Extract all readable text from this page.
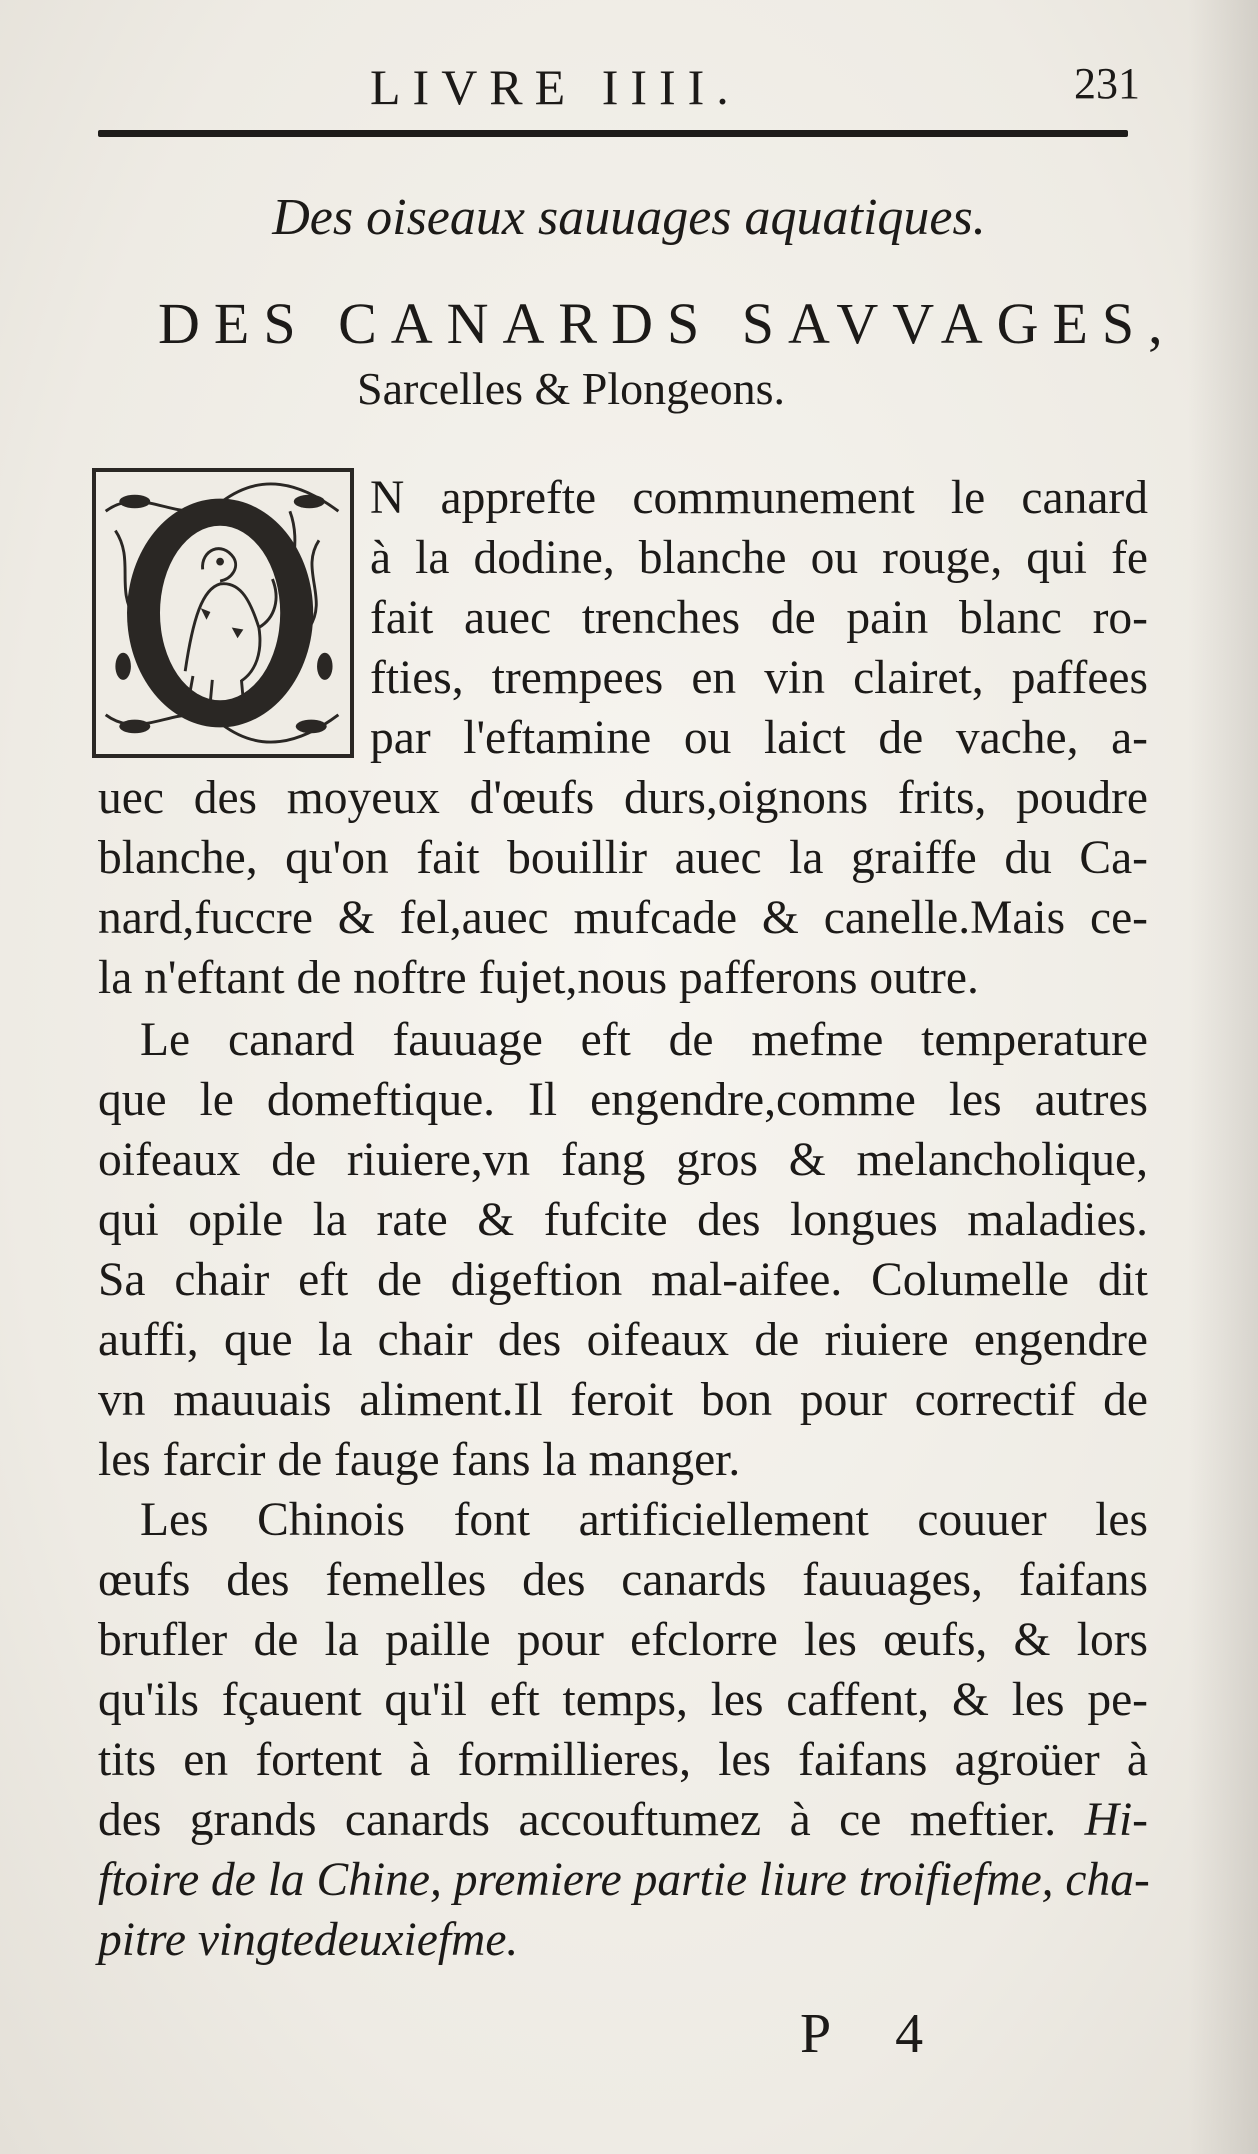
LIVRE IIII.	231
Des oiseaux sauuages aquatiques.
DES CANARDS SAVVAGES,
Sarcelles & Plongeons.
N apprefte communement le canard
à la dodine, blanche ou rouge, qui fe
fait auec trenches de pain blanc ro-
fties, trempees en vin clairet, paffees
par l'eftamine ou laict de vache, a-
uec des moyeux d'œufs durs,oignons frits, poudre
blanche, qu'on fait bouillir auec la graiffe du Ca-
nard,fuccre & fel,auec mufcade & canelle.Mais ce-
la n'eftant de noftre fujet,nous pafferons outre.
Le canard fauuage eft de mefme temperature
que le domeftique. Il engendre,comme les autres
oifeaux de riuiere,vn fang gros & melancholique,
qui opile la rate & fufcite des longues maladies.
Sa chair eft de digeftion mal-aifee. Columelle dit
auffi, que la chair des oifeaux de riuiere engendre
vn mauuais aliment.Il feroit bon pour correctif de
les farcir de fauge fans la manger.
Les Chinois font artificiellement couuer les
œufs des femelles des canards fauuages, faifans
brufler de la paille pour efclorre les œufs, & lors
qu'ils fçauent qu'il eft temps, les caffent, & les pe-
tits en fortent à formillieres, les faifans agroüer à
des grands canards accouftumez à ce meftier. Hi-
ftoire de la Chine, premiere partie liure troifiefme, cha-
pitre vingtedeuxiefme.
P 4
